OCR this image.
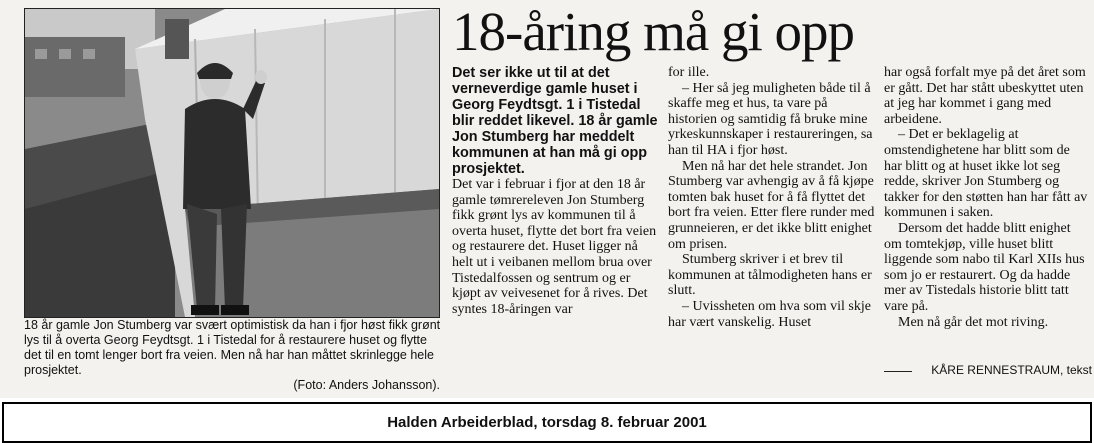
18 år gamle Jon Stumberg var svært optimistisk da han i fjor høst fikk grønt lys til å overta Georg Feydtsgt. 1 i Tistedal for å restaurere huset og flytte det til en tomt lenger bort fra veien. Men nå har han måttet skrinlegge hele prosjektet.
(Foto: Anders Johansson).
18-åring må gi opp

Det ser ikke ut til at det verneverdige gamle huset i Georg Feydtsgt. 1 i Tistedal blir reddet likevel. 18 år gamle Jon Stumberg har meddelt kommunen at han må gi opp prosjektet.

Det var i februar i fjor at den 18 år gamle tømrereleven Jon Stumberg fikk grønt lys av kommunen til å overta huset, flytte det bort fra veien og restaurere det. Huset ligger nå helt ut i veibanen mellom brua over Tistedalfossen og sentrum og er kjøpt av veivesenet for å rives. Det syntes 18-åringen var

for ille.

– Her så jeg muligheten både til å skaffe meg et hus, ta vare på historien og samtidig få bruke mine yrkeskunnskaper i restaureringen, sa han til HA i fjor høst.

Men nå har det hele strandet. Jon Stumberg var avhengig av å få kjøpe tomten bak huset for å få flyttet det bort fra veien. Etter flere runder med grunneieren, er det ikke blitt enighet om prisen.

Stumberg skriver i et brev til kommunen at tålmodigheten hans er slutt.

– Uvissheten om hva som vil skje har vært vanskelig. Huset

har også forfalt mye på det året som er gått. Det har stått ubeskyttet uten at jeg har kommet i gang med arbeidene.

– Det er beklagelig at omstendighetene har blitt som de har blitt og at huset ikke lot seg redde, skriver Jon Stumberg og takker for den støtten han har fått av kommunen i saken.

Dersom det hadde blitt enighet om tomtekjøp, ville huset blitt liggende som nabo til Karl XIIs hus som jo er restaurert. Og da hadde mer av Tistedals historie blitt tatt vare på.

Men nå går det mot riving.

KÅRE RENNESTRAUM, tekst
Halden Arbeiderblad, torsdag 8. februar 2001
